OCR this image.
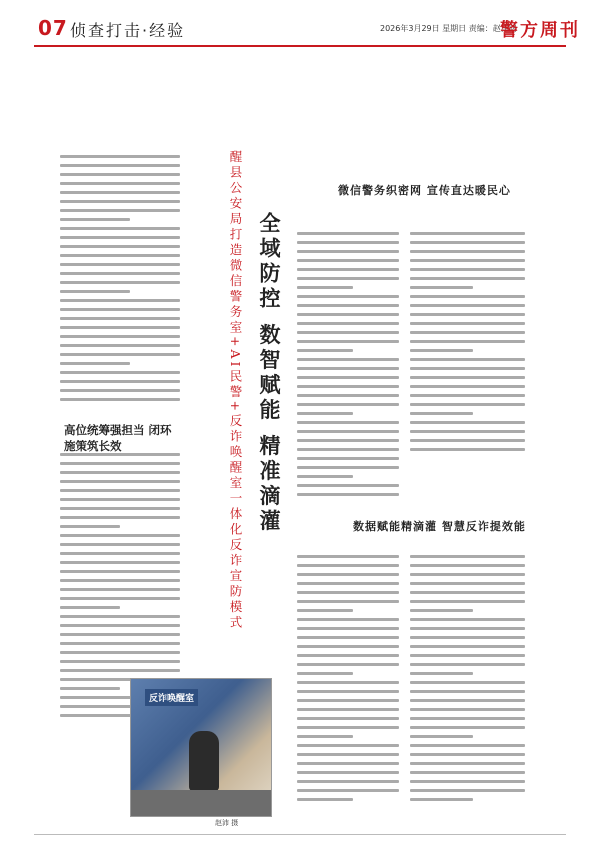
07 侦查打击·经验	2026年3月29日 星期日 责编：赵泽鸿
警方周刊
醒县公安局打造微信警务室+AI民警+反诈唤醒室一体化反诈宣防模式 全域防控 数智赋能 精准滴灌
高位统筹强担当 闭环施策筑长效
微信警务织密网 宣传直达暖民心
数据赋能精滴灌 智慧反诈提效能
反诈唤醒室
赵沛 摄
